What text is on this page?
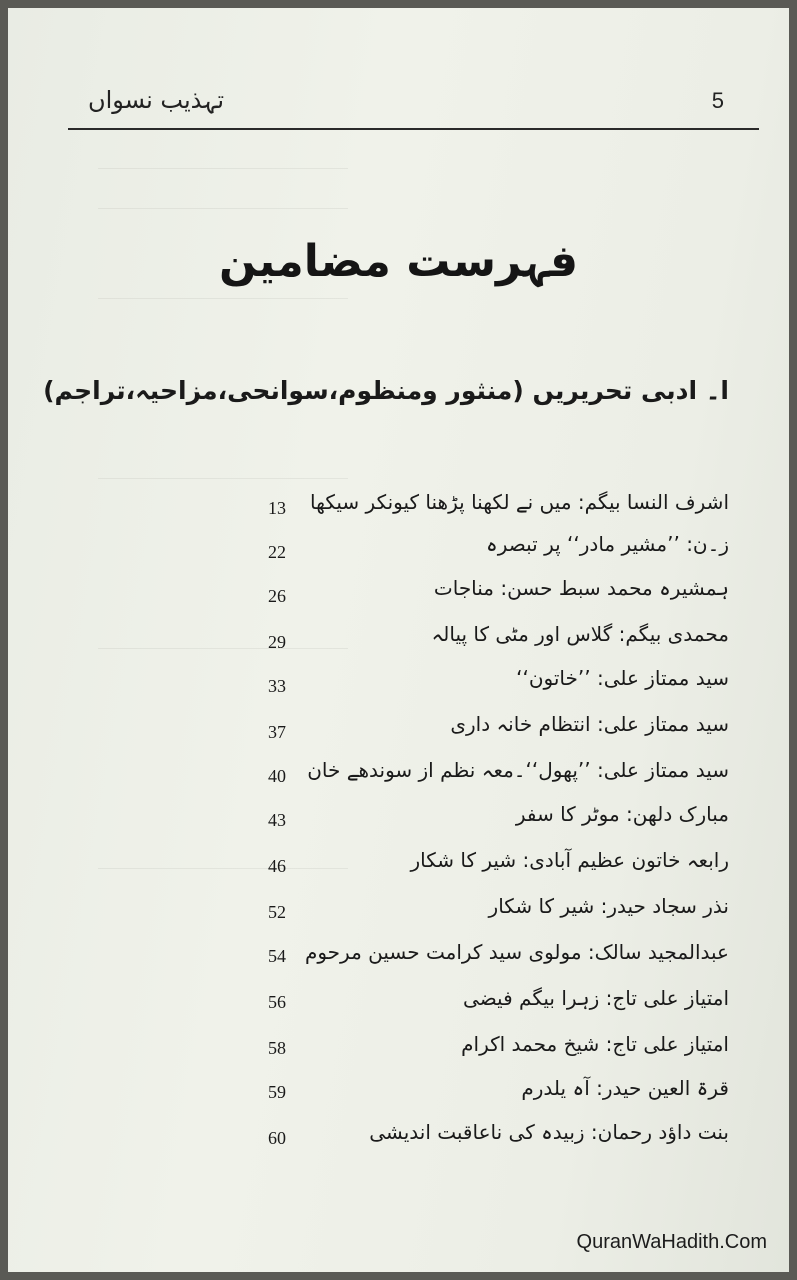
5
تہذیب نسواں
فہرست مضامین
ا۔ ادبی تحریریں (منثور ومنظوم،سوانحی،مزاحیہ،تراجم)
اشرف النسا بیگم: میں نے لکھنا پڑھنا کیونکر سیکھا
13
ز۔ن: ’’مشیر مادر‘‘ پر تبصرہ
22
ہمشیرہ محمد سبط حسن: مناجات
26
محمدی بیگم: گلاس اور مٹی کا پیالہ
29
سید ممتاز علی: ’’خاتون‘‘
33
سید ممتاز علی: انتظام خانہ داری
37
سید ممتاز علی: ’’پھول‘‘۔معہ نظم از سوندھے خان
40
مبارک دلھن: موٹر کا سفر
43
رابعہ خاتون عظیم آبادی: شیر کا شکار
46
نذر سجاد حیدر: شیر کا شکار
52
عبدالمجید سالک: مولوی سید کرامت حسین مرحوم
54
امتیاز علی تاج: زہرا بیگم فیضی
56
امتیاز علی تاج: شیخ محمد اکرام
58
قرۃ العین حیدر: آہ یلدرم
59
بنت داؤد رحمان: زبیدہ کی ناعاقبت اندیشی
60
QuranWaHadith.Com
